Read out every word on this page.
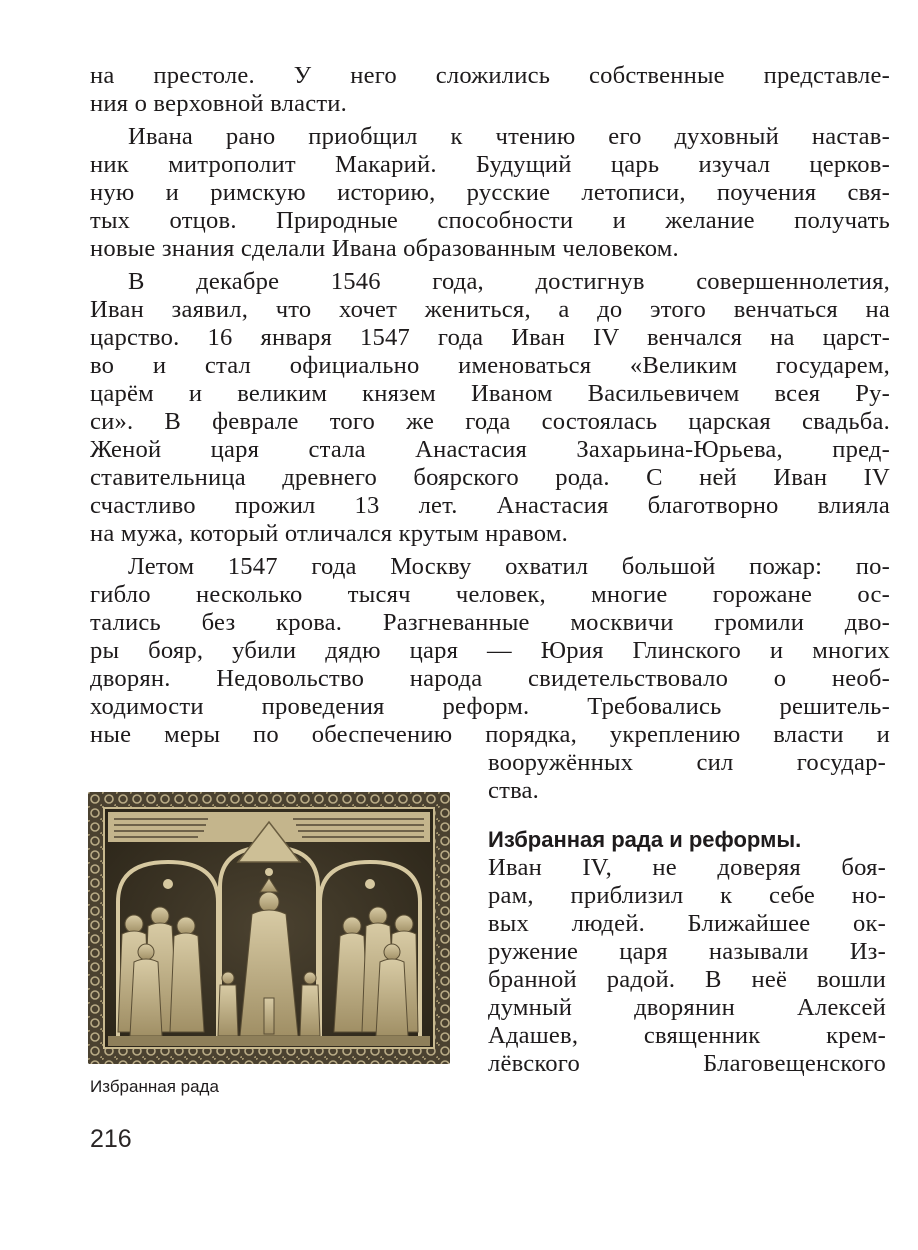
на престоле. У него сложились собственные представле-
ния о верховной власти.
Ивана рано приобщил к чтению его духовный настав-
ник митрополит Макарий. Будущий царь изучал церков-
ную и римскую историю, русские летописи, поучения свя-
тых отцов. Природные способности и желание получать
новые знания сделали Ивана образованным человеком.
В декабре 1546 года, достигнув совершеннолетия,
Иван заявил, что хочет жениться, а до этого венчаться на
царство. 16 января 1547 года Иван IV венчался на царст-
во и стал официально именоваться «Великим государем,
царём и великим князем Иваном Васильевичем всея Ру-
си». В феврале того же года состоялась царская свадьба.
Женой царя стала Анастасия Захарьина-Юрьева, пред-
ставительница древнего боярского рода. С ней Иван IV
счастливо прожил 13 лет. Анастасия благотворно влияла
на мужа, который отличался крутым нравом.
Летом 1547 года Москву охватил большой пожар: по-
гибло несколько тысяч человек, многие горожане ос-
тались без крова. Разгневанные москвичи громили дво-
ры бояр, убили дядю царя — Юрия Глинского и многих
дворян. Недовольство народа свидетельствовало о необ-
ходимости проведения реформ. Требовались решитель-
ные меры по обеспечению порядка, укреплению власти и
вооружённых сил государ-
ства.
Избранная рада и реформы.
Иван IV, не доверяя боя-
рам, приблизил к себе но-
вых людей. Ближайшее ок-
ружение царя называли Из-
бранной радой. В неё вошли
думный дворянин Алексей
Адашев, священник крем-
лёвского Благовещенского
Избранная рада
216
